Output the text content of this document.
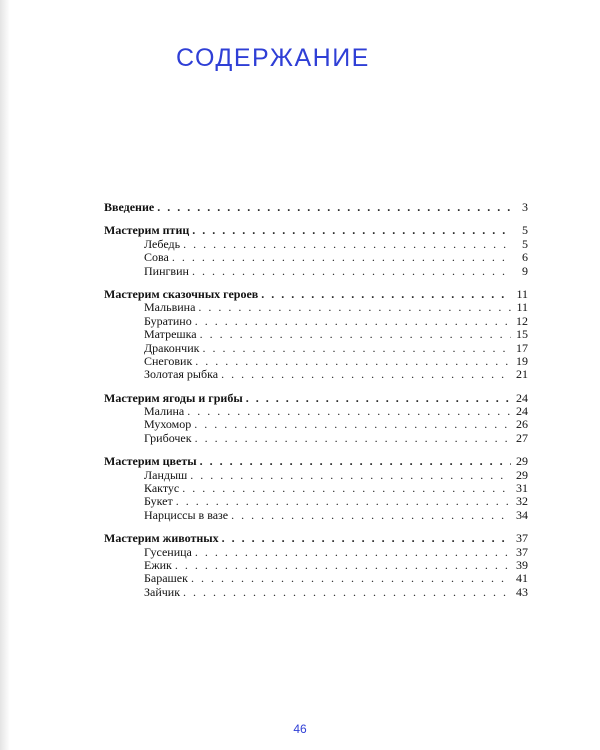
СОДЕРЖАНИЕ
Введение . . .	3
Мастерим птиц . . .	5
Лебедь . . .	5
Сова . . .	6
Пингвин . . .	9
Мастерим сказочных героев . . .	11
Мальвина . . .	11
Буратино . . .	12
Матрешка . . .	15
Дракончик . . .	17
Снеговик . . .	19
Золотая рыбка . . .	21
Мастерим ягоды и грибы . . .	24
Малина . . .	24
Мухомор . . .	26
Грибочек . . .	27
Мастерим цветы . . .	29
Ландыш . . .	29
Кактус . . .	31
Букет . . .	32
Нарциссы в вазе . . .	34
Мастерим животных . . .	37
Гусеница . . .	37
Ежик . . .	39
Барашек . . .	41
Зайчик . . .	43
46
